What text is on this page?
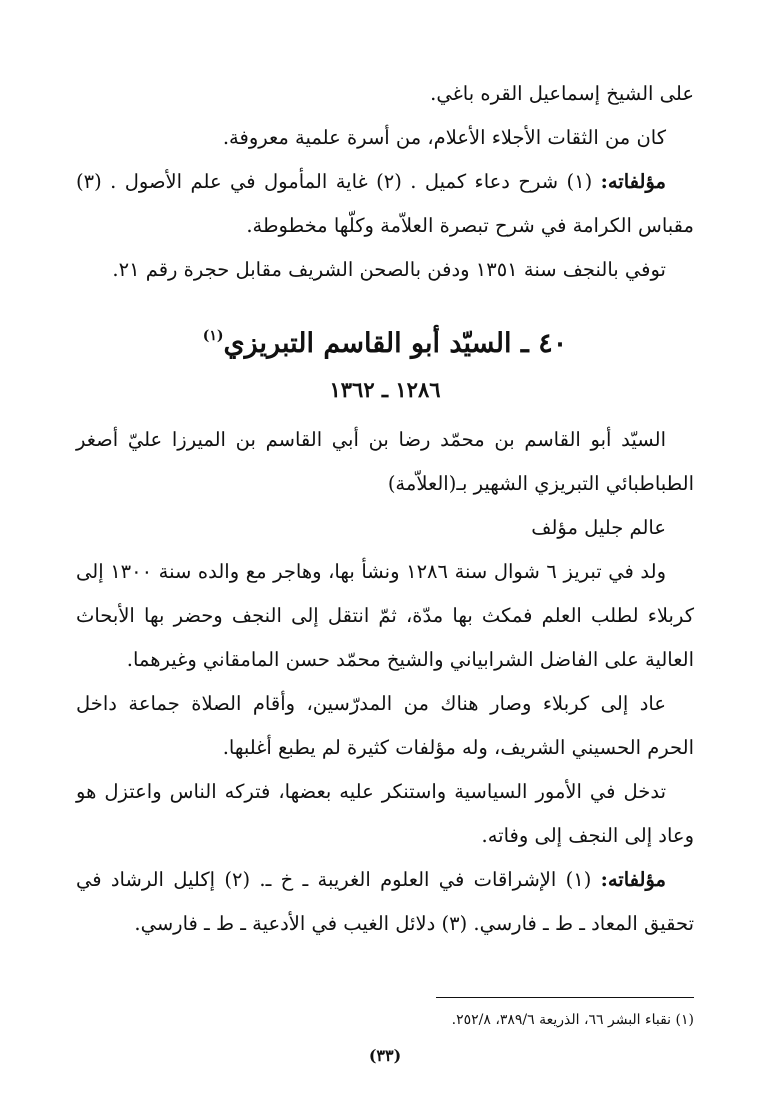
على الشيخ إسماعيل القره باغي.

كان من الثقات الأجلاء الأعلام، من أسرة علمية معروفة.

مؤلفاته: (١) شرح دعاء كميل . (٢) غاية المأمول في علم الأصول . (٣) مقباس الكرامة في شرح تبصرة العلاّمة وكلّها مخطوطة.

توفي بالنجف سنة ١٣٥١ ودفن بالصحن الشريف مقابل حجرة رقم ٢١.

٤٠ ـ السيّد أبو القاسم التبريزي$^{(١)}$
١٢٨٦ ـ ١٣٦٢

السيّد أبو القاسم بن محمّد رضا بن أبي القاسم بن الميرزا عليّ أصغر الطباطبائي التبريزي الشهير بـ(العلاّمة)

عالم جليل مؤلف

ولد في تبريز ٦ شوال سنة ١٢٨٦ ونشأ بها، وهاجر مع والده سنة ١٣٠٠ إلى كربلاء لطلب العلم فمكث بها مدّة، ثمّ انتقل إلى النجف وحضر بها الأبحاث العالية على الفاضل الشرابياني والشيخ محمّد حسن المامقاني وغيرهما.

عاد إلى كربلاء وصار هناك من المدرّسين، وأقام الصلاة جماعة داخل الحرم الحسيني الشريف، وله مؤلفات كثيرة لم يطبع أغلبها.

تدخل في الأمور السياسية واستنكر عليه بعضها، فتركه الناس واعتزل هو وعاد إلى النجف إلى وفاته.

مؤلفاته: (١) الإشراقات في العلوم الغريبة ـ خ ـ. (٢) إكليل الرشاد في تحقيق المعاد ـ ط ـ فارسي. (٣) دلائل الغيب في الأدعية ـ ط ـ فارسي.

(١) نقباء البشر ٦٦، الذريعة ٣٨٩/٦، ٢٥٢/٨.
(٣٣)
